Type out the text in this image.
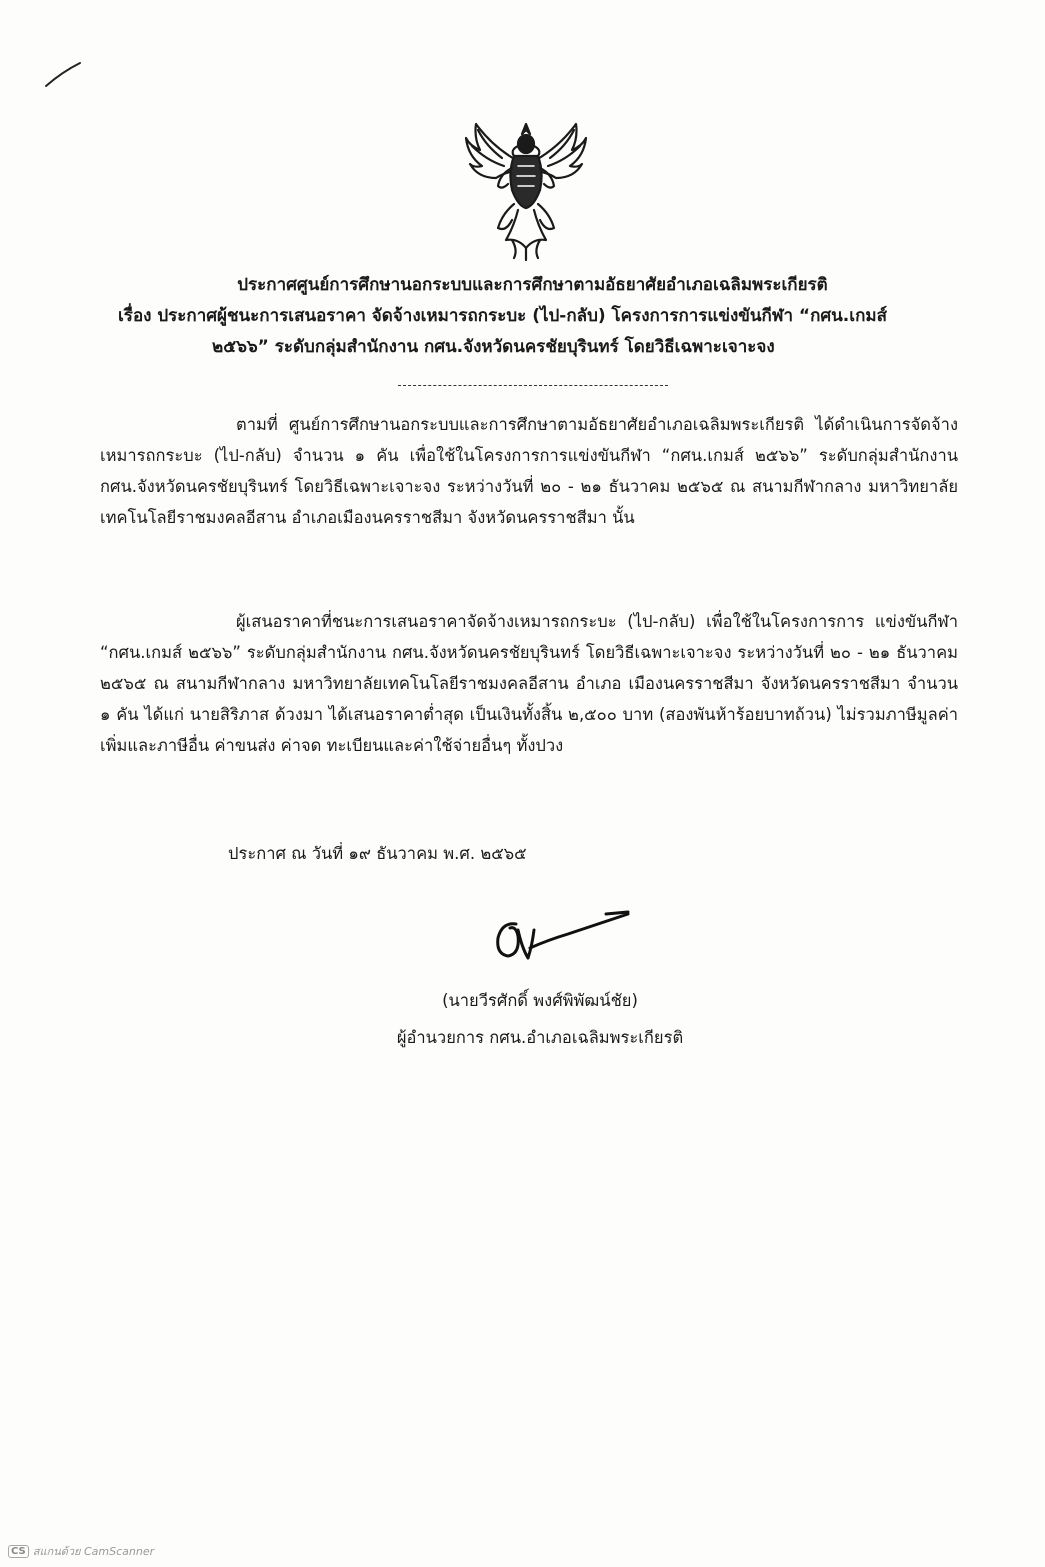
ประกาศศูนย์การศึกษานอกระบบและการศึกษาตามอัธยาศัยอำเภอเฉลิมพระเกียรติ
เรื่อง ประกาศผู้ชนะการเสนอราคา จัดจ้างเหมารถกระบะ (ไป-กลับ) โครงการการแข่งขันกีฬา “กศน.เกมส์
๒๕๖๖” ระดับกลุ่มสำนักงาน กศน.จังหวัดนครชัยบุรินทร์ โดยวิธีเฉพาะเจาะจง
ตามที่ ศูนย์การศึกษานอกระบบและการศึกษาตามอัธยาศัยอำเภอเฉลิมพระเกียรติ ได้ดำเนินการจัดจ้างเหมารถกระบะ (ไป-กลับ) จำนวน ๑ คัน เพื่อใช้ในโครงการการแข่งขันกีฬา “กศน.เกมส์ ๒๕๖๖” ระดับกลุ่มสำนักงาน กศน.จังหวัดนครชัยบุรินทร์ โดยวิธีเฉพาะเจาะจง ระหว่างวันที่ ๒๐ - ๒๑ ธันวาคม ๒๕๖๕ ณ สนามกีฬากลาง มหาวิทยาลัยเทคโนโลยีราชมงคลอีสาน อำเภอเมืองนครราชสีมา จังหวัดนครราชสีมา นั้น
ผู้เสนอราคาที่ชนะการเสนอราคาจัดจ้างเหมารถกระบะ (ไป-กลับ) เพื่อใช้ในโครงการการ แข่งขันกีฬา “กศน.เกมส์ ๒๕๖๖” ระดับกลุ่มสำนักงาน กศน.จังหวัดนครชัยบุรินทร์ โดยวิธีเฉพาะเจาะจง ระหว่างวันที่ ๒๐ - ๒๑ ธันวาคม ๒๕๖๕ ณ สนามกีฬากลาง มหาวิทยาลัยเทคโนโลยีราชมงคลอีสาน อำเภอ เมืองนครราชสีมา จังหวัดนครราชสีมา จำนวน ๑ คัน ได้แก่ นายสิริภาส ด้วงมา ได้เสนอราคาต่ำสุด เป็นเงินทั้งสิ้น ๒,๕๐๐ บาท (สองพันห้าร้อยบาทถ้วน) ไม่รวมภาษีมูลค่าเพิ่มและภาษีอื่น ค่าขนส่ง ค่าจด ทะเบียนและค่าใช้จ่ายอื่นๆ ทั้งปวง
ประกาศ ณ วันที่ ๑๙ ธันวาคม พ.ศ. ๒๕๖๕
(นายวีรศักดิ์ พงศ์พิพัฒน์ชัย)
ผู้อำนวยการ กศน.อำเภอเฉลิมพระเกียรติ
CS สแกนด้วย CamScanner
